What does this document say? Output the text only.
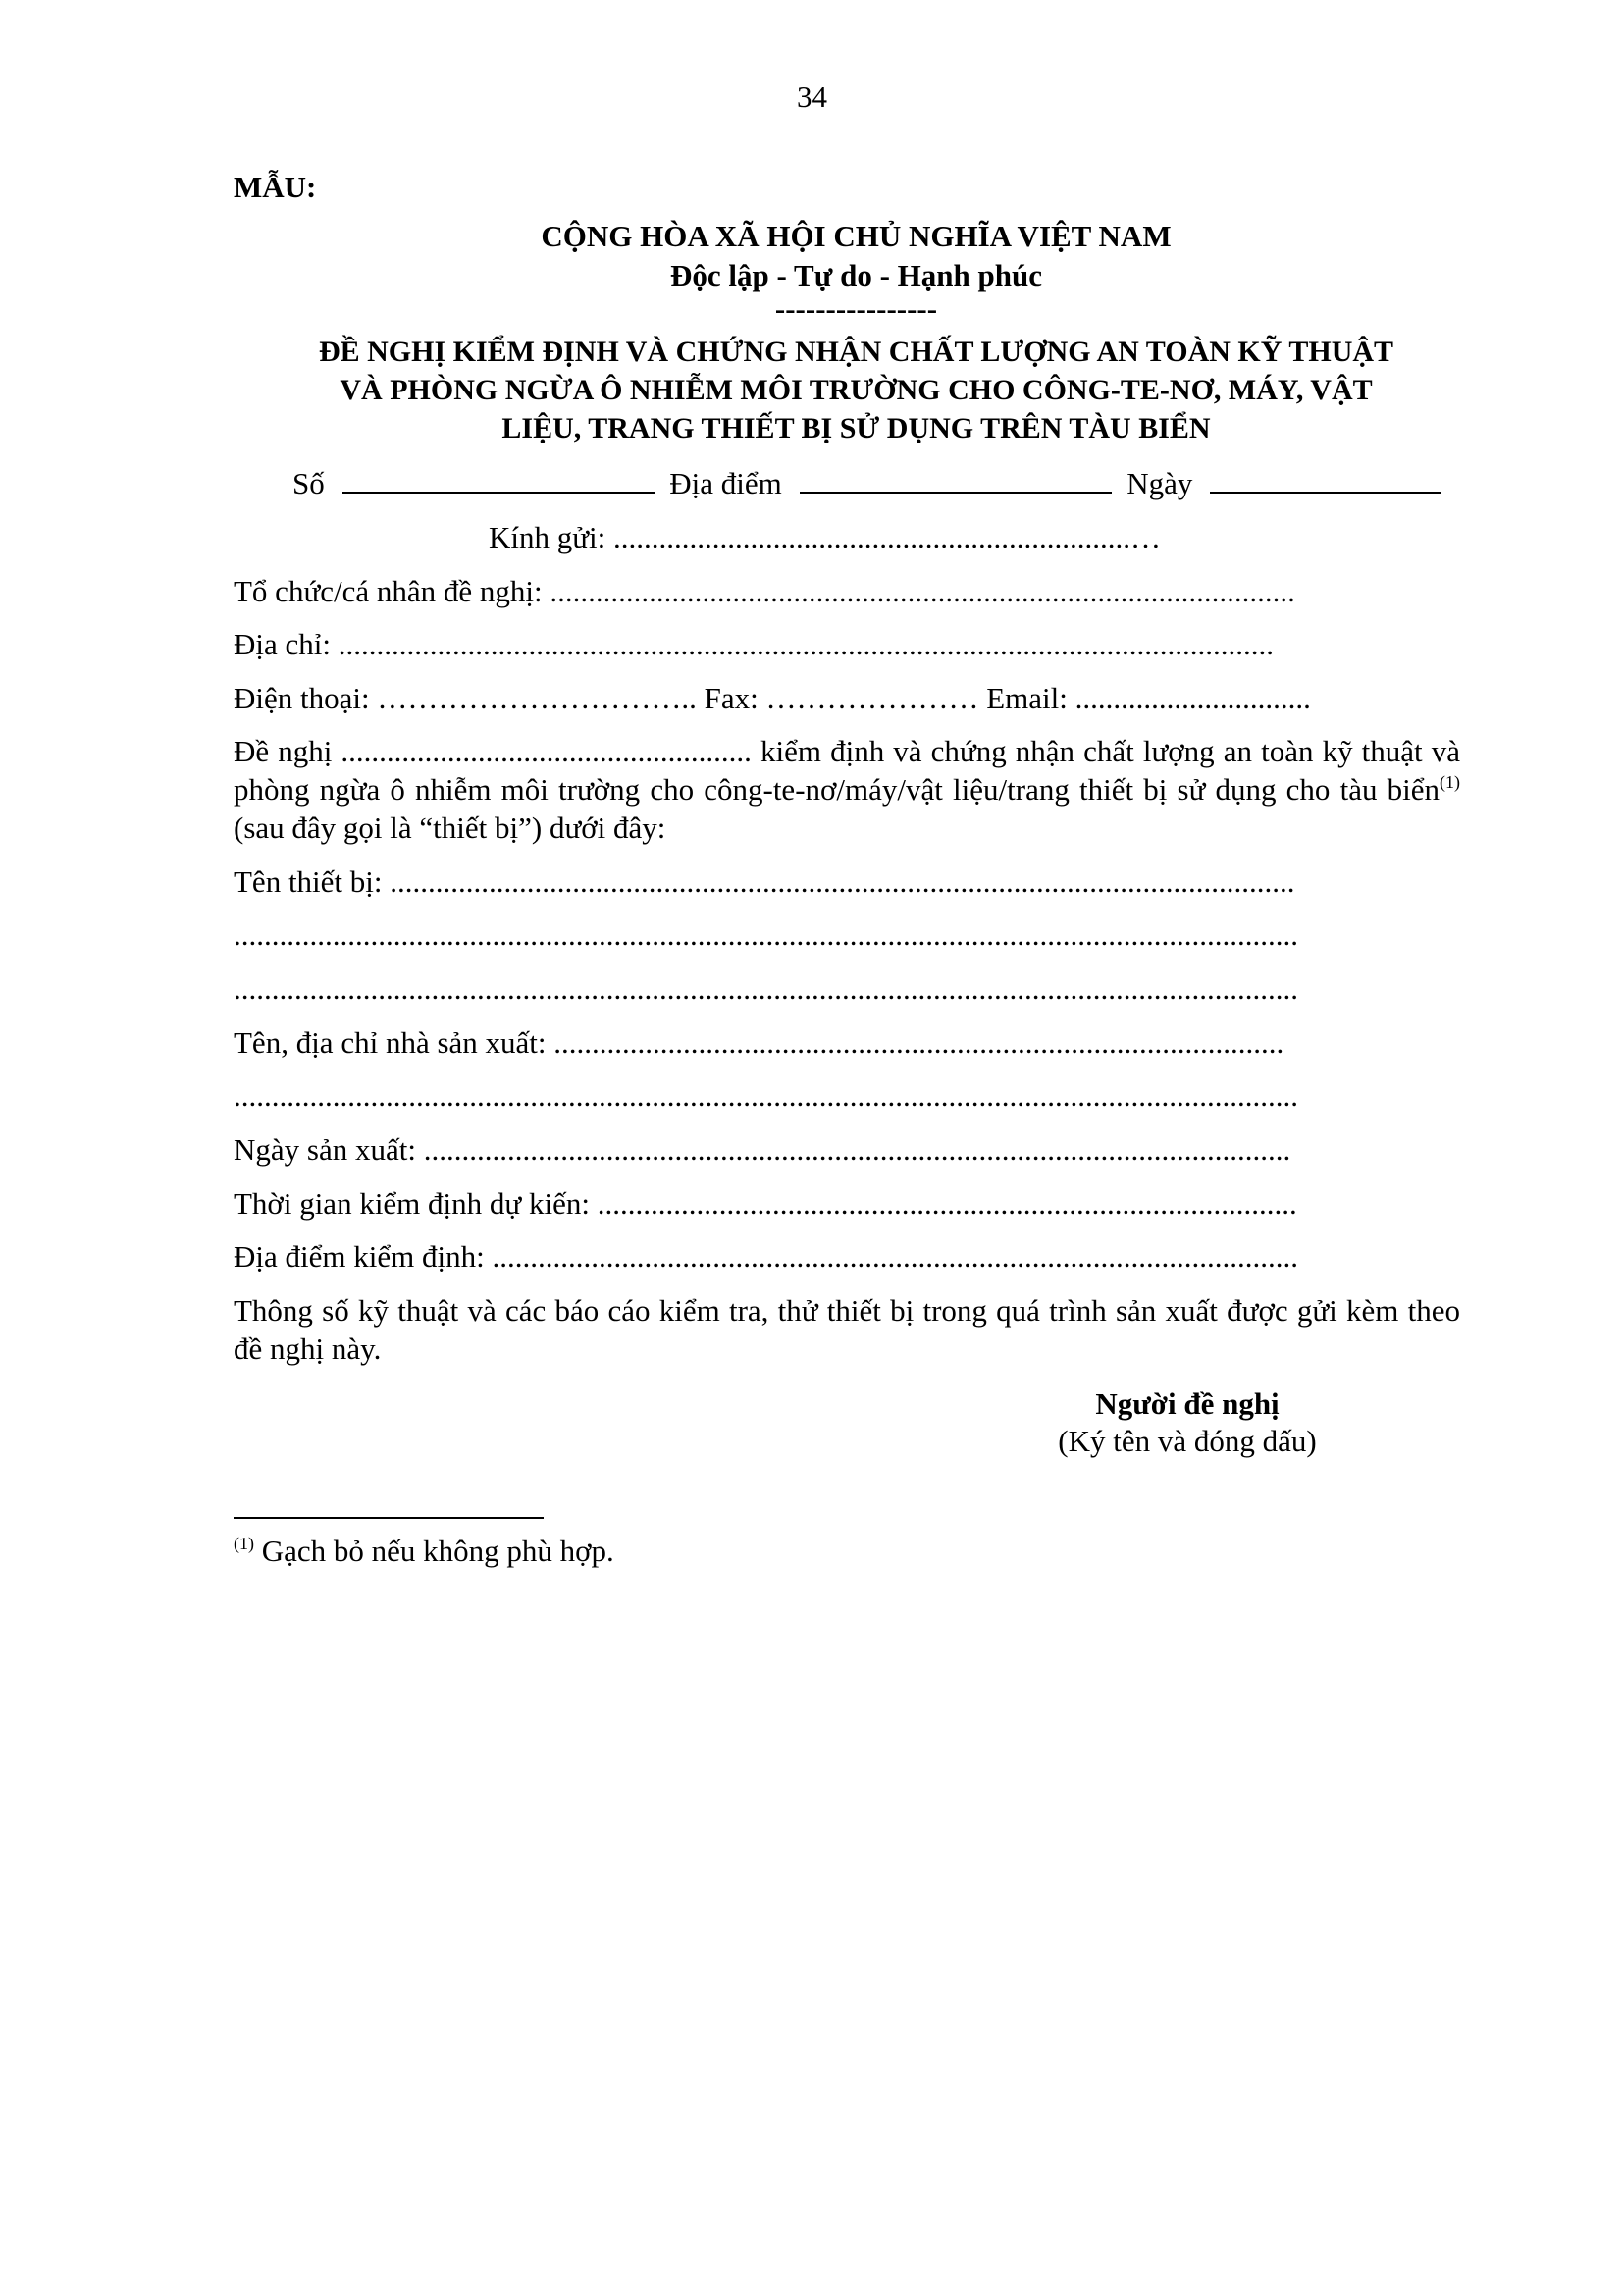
34
MẪU:
CỘNG HÒA XÃ HỘI CHỦ NGHĨA VIỆT NAM
Độc lập - Tự do - Hạnh phúc
----------------
ĐỀ NGHỊ KIỂM ĐỊNH VÀ CHỨNG NHẬN CHẤT LƯỢNG AN TOÀN KỸ THUẬT
VÀ PHÒNG NGỪA Ô NHIỄM MÔI TRƯỜNG CHO CÔNG-TE-NƠ, MÁY, VẬT
LIỆU, TRANG THIẾT BỊ SỬ DỤNG TRÊN TÀU BIỂN
Số	Địa điểm	Ngày
Kính gửi: ....................................................................…
Tổ chức/cá nhân đề nghị: ..................................................................................................
Địa chỉ: ...........................................................................................................................
Điện thoại: ………………………….. Fax: ………………… Email: ...............................
Đề nghị ...................................................... kiểm định và chứng nhận chất lượng an toàn kỹ thuật và phòng ngừa ô nhiễm môi trường cho công-te-nơ/máy/vật liệu/trang thiết bị sử dụng cho tàu biển$^{(1)}$ (sau đây gọi là “thiết bị”) dưới đây:
Tên thiết bị: .......................................................................................................................
............................................................................................................................................
............................................................................................................................................
Tên, địa chỉ nhà sản xuất: ................................................................................................
............................................................................................................................................
Ngày sản xuất: ..................................................................................................................
Thời gian kiểm định dự kiến: ............................................................................................
Địa điểm kiểm định: ..........................................................................................................
Thông số kỹ thuật và các báo cáo kiểm tra, thử thiết bị trong quá trình sản xuất được gửi kèm theo đề nghị này.
Người đề nghị
(Ký tên và đóng dấu)
$^{(1)}$ Gạch bỏ nếu không phù hợp.
